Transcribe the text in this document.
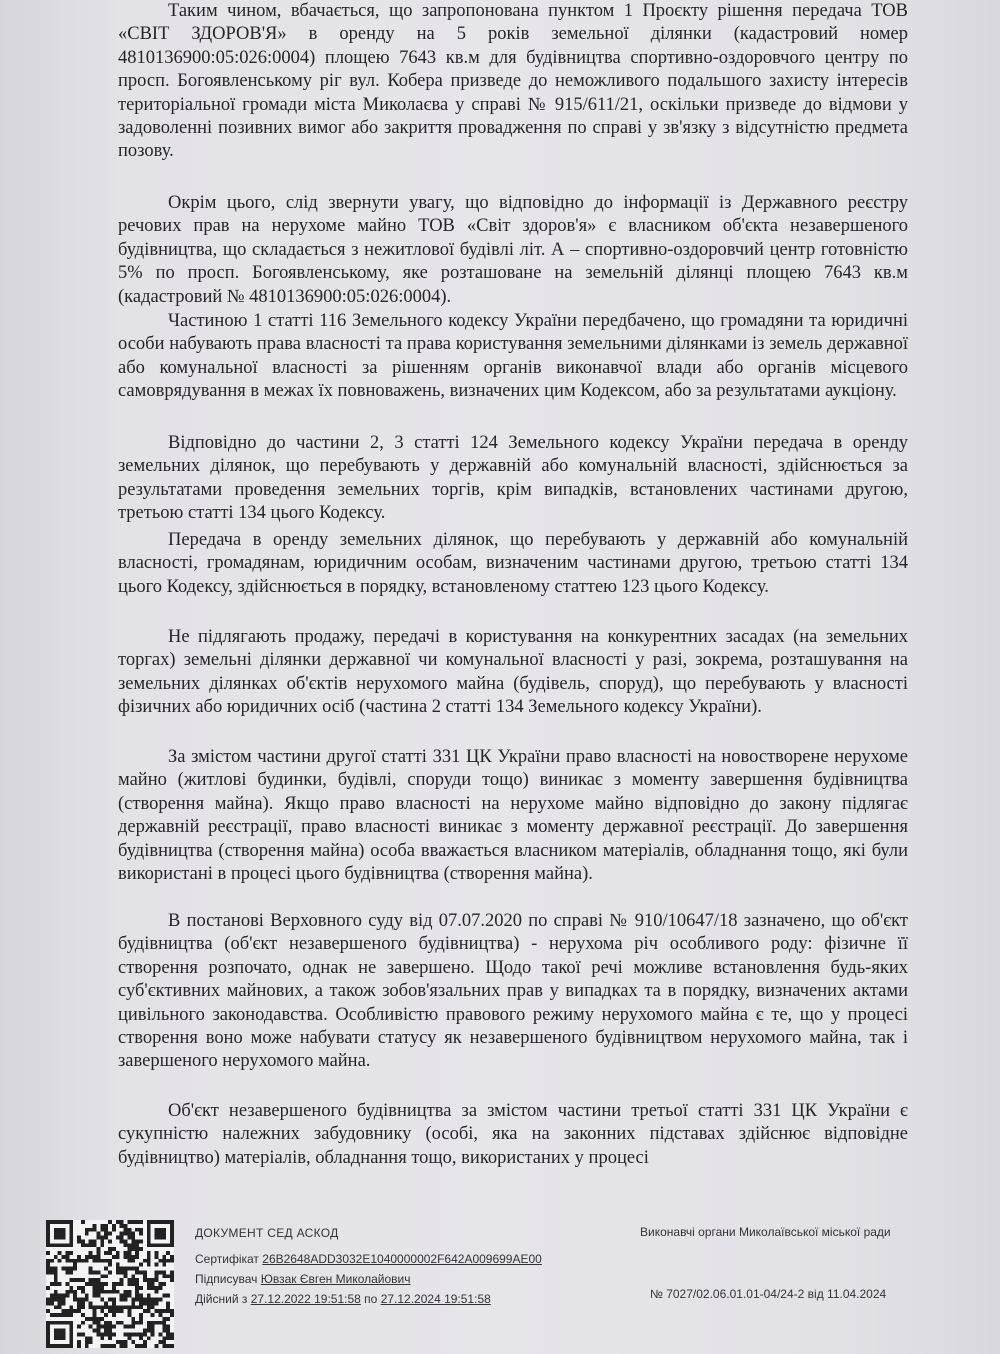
Таким чином, вбачається, що запропонована пунктом 1 Проєкту рішення передача ТОВ «СВІТ ЗДОРОВ'Я» в оренду на 5 років земельної ділянки (кадастровий номер 4810136900:05:026:0004) площею 7643 кв.м для будівництва спортивно-оздоровчого центру по просп. Богоявленському ріг вул. Кобера призведе до неможливого подальшого захисту інтересів територіальної громади міста Миколаєва у справі № 915/611/21, оскільки призведе до відмови у задоволенні позивних вимог або закриття провадження по справі у зв'язку з відсутністю предмета позову.

Окрім цього, слід звернути увагу, що відповідно до інформації із Державного реєстру речових прав на нерухоме майно ТОВ «Світ здоров'я» є власником об'єкта незавершеного будівництва, що складається з нежитлової будівлі літ. А – спортивно-оздоровчий центр готовністю 5% по просп. Богоявленському, яке розташоване на земельній ділянці площею 7643 кв.м (кадастровий № 4810136900:05:026:0004).

Частиною 1 статті 116 Земельного кодексу України передбачено, що громадяни та юридичні особи набувають права власності та права користування земельними ділянками із земель державної або комунальної власності за рішенням органів виконавчої влади або органів місцевого самоврядування в межах їх повноважень, визначених цим Кодексом, або за результатами аукціону.

Відповідно до частини 2, 3 статті 124 Земельного кодексу України передача в оренду земельних ділянок, що перебувають у державній або комунальній власності, здійснюється за результатами проведення земельних торгів, крім випадків, встановлених частинами другою, третьою статті 134 цього Кодексу.

Передача в оренду земельних ділянок, що перебувають у державній або комунальній власності, громадянам, юридичним особам, визначеним частинами другою, третьою статті 134 цього Кодексу, здійснюється в порядку, встановленому статтею 123 цього Кодексу.

Не підлягають продажу, передачі в користування на конкурентних засадах (на земельних торгах) земельні ділянки державної чи комунальної власності у разі, зокрема, розташування на земельних ділянках об'єктів нерухомого майна (будівель, споруд), що перебувають у власності фізичних або юридичних осіб (частина 2 статті 134 Земельного кодексу України).

За змістом частини другої статті 331 ЦК України право власності на новостворене нерухоме майно (житлові будинки, будівлі, споруди тощо) виникає з моменту завершення будівництва (створення майна). Якщо право власності на нерухоме майно відповідно до закону підлягає державній реєстрації, право власності виникає з моменту державної реєстрації. До завершення будівництва (створення майна) особа вважається власником матеріалів, обладнання тощо, які були використані в процесі цього будівництва (створення майна).

В постанові Верховного суду від 07.07.2020 по справі № 910/10647/18 зазначено, що об'єкт будівництва (об'єкт незавершеного будівництва) - нерухома річ особливого роду: фізичне її створення розпочато, однак не завершено. Щодо такої речі можливе встановлення будь-яких суб'єктивних майнових, а також зобов'язальних прав у випадках та в порядку, визначених актами цивільного законодавства. Особливістю правового режиму нерухомого майна є те, що у процесі створення воно може набувати статусу як незавершеного будівництвом нерухомого майна, так і завершеного нерухомого майна.

Об'єкт незавершеного будівництва за змістом частини третьої статті 331 ЦК України є сукупністю належних забудовнику (особі, яка на законних підставах здійснює відповідне будівництво) матеріалів, обладнання тощо, використаних у процесі

ДОКУМЕНТ СЕД АСКОД
Сертифікат 26B2648ADD3032E1040000002F642A009699AE00
Підписувач Ювзак Євген Миколайович
Дійсний з 27.12.2022 19:51:58 по 27.12.2024 19:51:58
Виконавчі органи Миколаївської міської ради
№ 7027/02.06.01.01-04/24-2 від 11.04.2024
